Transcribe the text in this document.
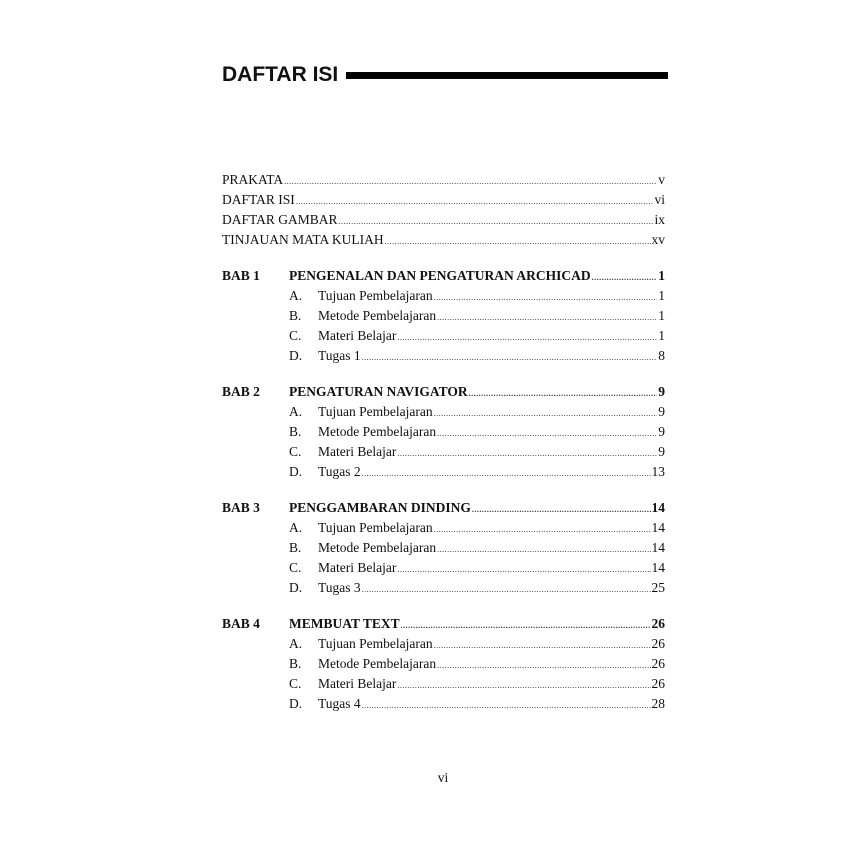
DAFTAR ISI
PRAKATA .....	v
DAFTAR ISI .....	vi
DAFTAR GAMBAR .....	ix
TINJAUAN MATA KULIAH .....	xv
BAB 1	PENGENALAN DAN PENGATURAN ARCHICAD .....	1
A.	Tujuan Pembelajaran .....	1
B.	Metode Pembelajaran .....	1
C.	Materi Belajar .....	1
D.	Tugas 1 .....	8
BAB 2	PENGATURAN NAVIGATOR .....	9
A.	Tujuan Pembelajaran .....	9
B.	Metode Pembelajaran .....	9
C.	Materi Belajar .....	9
D.	Tugas 2 .....	13
BAB 3	PENGGAMBARAN DINDING .....	14
A.	Tujuan Pembelajaran .....	14
B.	Metode Pembelajaran .....	14
C.	Materi Belajar .....	14
D.	Tugas 3 .....	25
BAB 4	MEMBUAT TEXT .....	26
A.	Tujuan Pembelajaran .....	26
B.	Metode Pembelajaran .....	26
C.	Materi Belajar .....	26
D.	Tugas 4 .....	28
vi
